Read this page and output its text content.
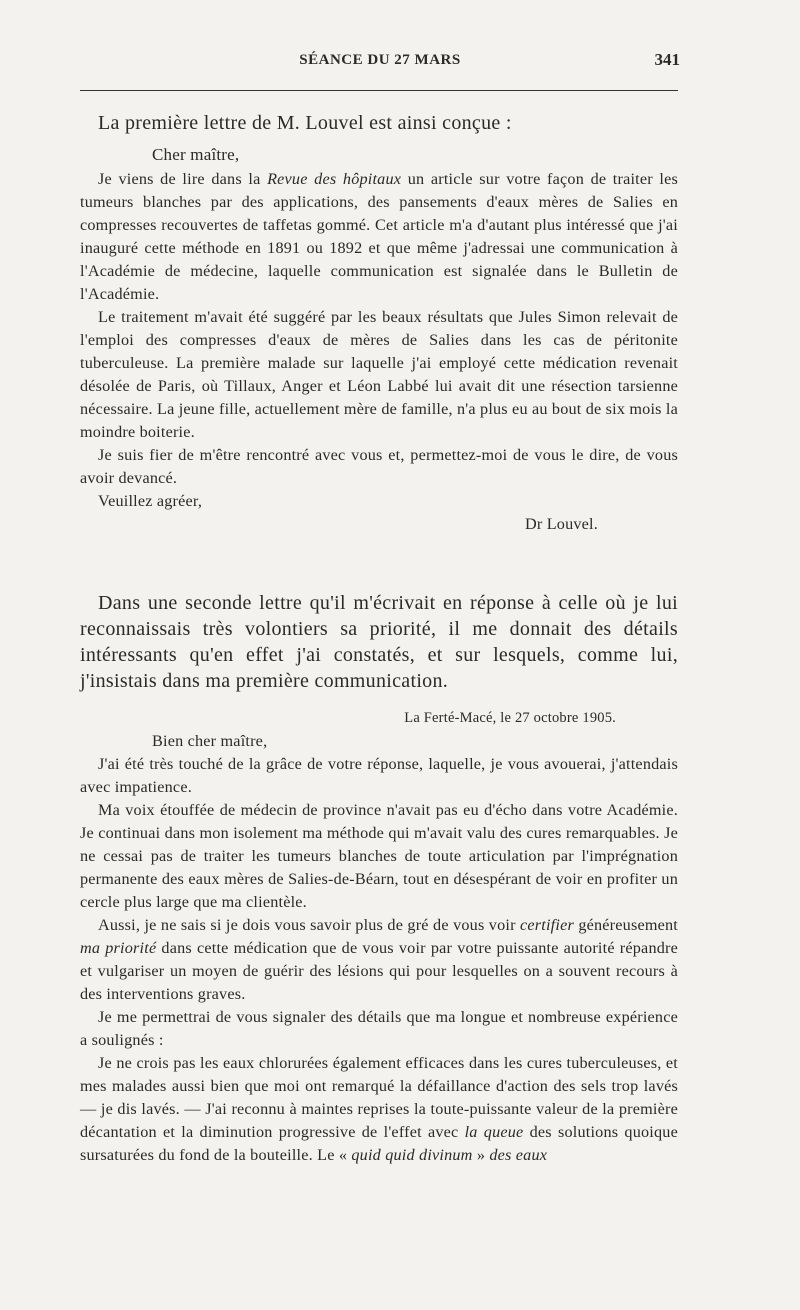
SÉANCE DU 27 MARS	341

La première lettre de M. Louvel est ainsi conçue :

Cher maître,

Je viens de lire dans la Revue des hôpitaux un article sur votre façon de traiter les tumeurs blanches par des applications, des pansements d'eaux mères de Salies en compresses recouvertes de taffetas gommé. Cet article m'a d'autant plus intéressé que j'ai inauguré cette méthode en 1891 ou 1892 et que même j'adressai une communication à l'Académie de médecine, laquelle communication est signalée dans le Bulletin de l'Académie.

Le traitement m'avait été suggéré par les beaux résultats que Jules Simon relevait de l'emploi des compresses d'eaux de mères de Salies dans les cas de péritonite tuberculeuse. La première malade sur laquelle j'ai employé cette médication revenait désolée de Paris, où Tillaux, Anger et Léon Labbé lui avait dit une résection tarsienne nécessaire. La jeune fille, actuellement mère de famille, n'a plus eu au bout de six mois la moindre boiterie.

Je suis fier de m'être rencontré avec vous et, permettez-moi de vous le dire, de vous avoir devancé.

Veuillez agréer,

Dr Louvel.

Dans une seconde lettre qu'il m'écrivait en réponse à celle où je lui reconnaissais très volontiers sa priorité, il me donnait des détails intéressants qu'en effet j'ai constatés, et sur lesquels, comme lui, j'insistais dans ma première communication.

La Ferté-Macé, le 27 octobre 1905.

Bien cher maître,

J'ai été très touché de la grâce de votre réponse, laquelle, je vous avouerai, j'attendais avec impatience.

Ma voix étouffée de médecin de province n'avait pas eu d'écho dans votre Académie. Je continuai dans mon isolement ma méthode qui m'avait valu des cures remarquables. Je ne cessai pas de traiter les tumeurs blanches de toute articulation par l'imprégnation permanente des eaux mères de Salies-de-Béarn, tout en désespérant de voir en profiter un cercle plus large que ma clientèle.

Aussi, je ne sais si je dois vous savoir plus de gré de vous voir certifier généreusement ma priorité dans cette médication que de vous voir par votre puissante autorité répandre et vulgariser un moyen de guérir des lésions qui pour lesquelles on a souvent recours à des interventions graves.

Je me permettrai de vous signaler des détails que ma longue et nombreuse expérience a soulignés :

Je ne crois pas les eaux chlorurées également efficaces dans les cures tuberculeuses, et mes malades aussi bien que moi ont remarqué la défaillance d'action des sels trop lavés — je dis lavés. — J'ai reconnu à maintes reprises la toute-puissante valeur de la première décantation et la diminution progressive de l'effet avec la queue des solutions quoique sursaturées du fond de la bouteille. Le « quid quid divinum » des eaux
